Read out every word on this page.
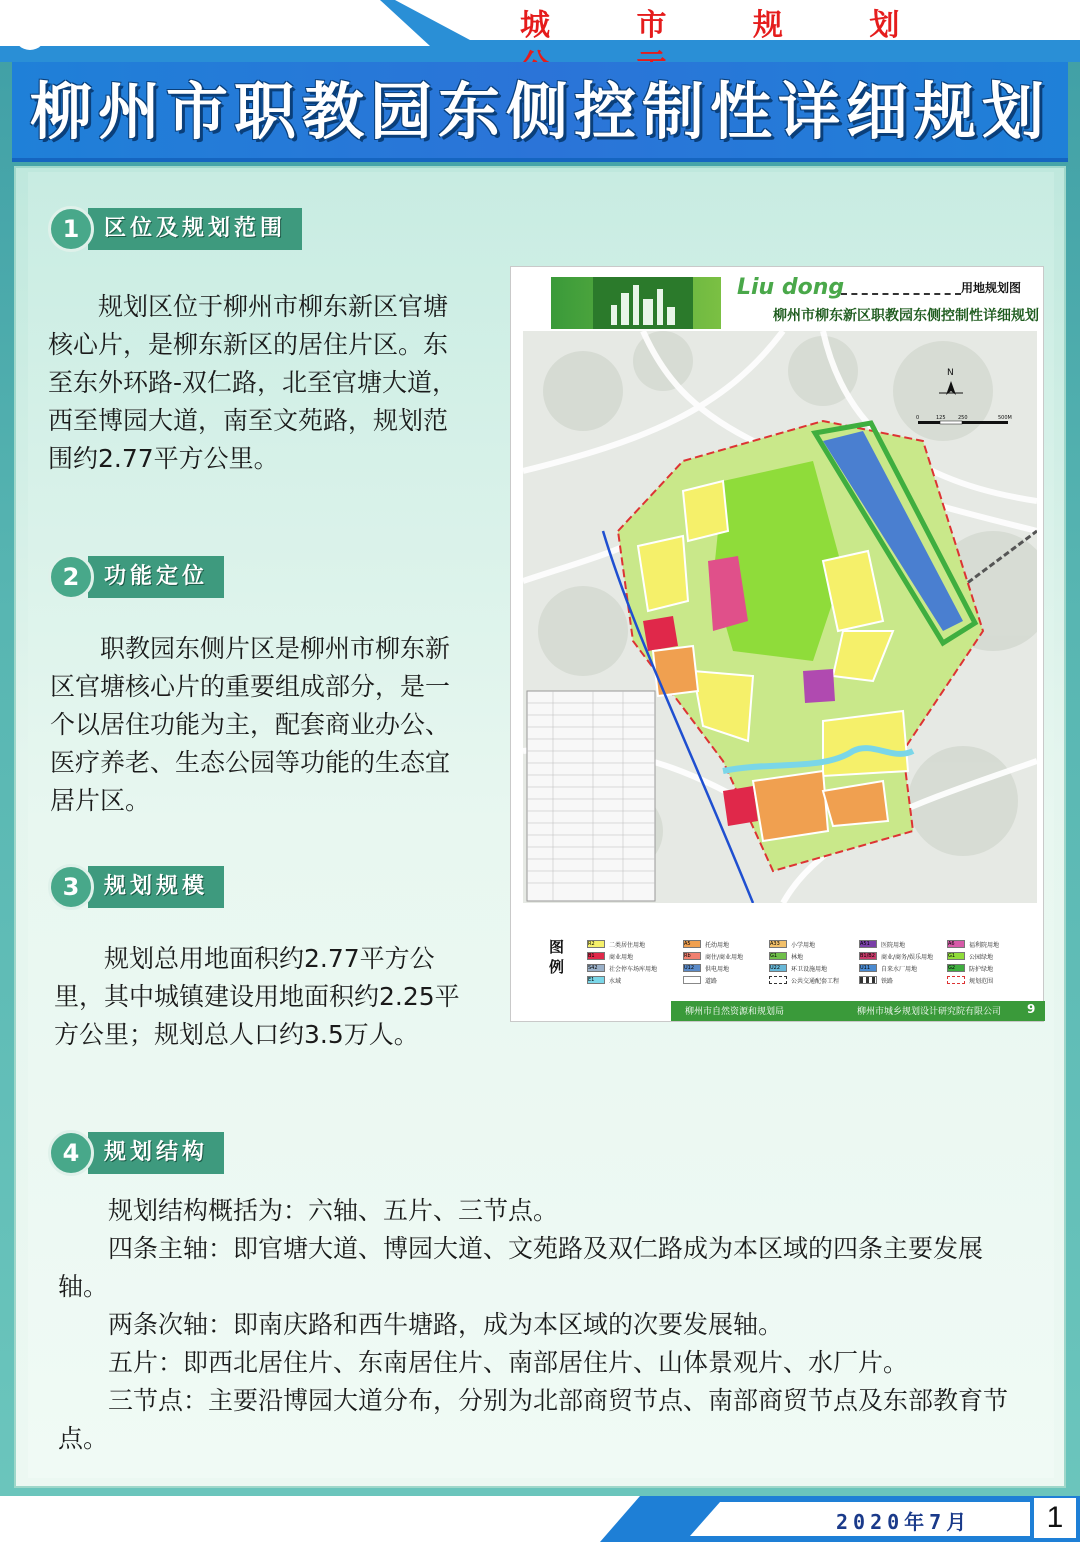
城 市 规 划
柳州市职教园东侧控制性详细规划
1	区位及规划范围

规划区位于柳州市柳东新区官塘核心片，是柳东新区的居住片区。东至东外环路-双仁路，北至官塘大道，西至博园大道，南至文苑路，规划范围约2.77平方公里。

2	功能定位

职教园东侧片区是柳州市柳东新区官塘核心片的重要组成部分，是一个以居住功能为主，配套商业办公、医疗养老、生态公园等功能的生态宜居片区。

3	规划规模

规划总用地面积约2.77平方公里，其中城镇建设用地面积约2.25平方公里；规划总人口约3.5万人。

4	规划结构

规划结构概括为：六轴、五片、三节点。

四条主轴：即官塘大道、博园大道、文苑路及双仁路成为本区域的四条主要发展轴。

两条次轴：即南庆路和西牛塘路，成为本区域的次要发展轴。

五片：即西北居住片、东南居住片、南部居住片、山体景观片、水厂片。

三节点：主要沿博园大道分布，分别为北部商贸节点、南部商贸节点及东部教育节点。

Liu dong	用地规划图
柳州市柳东新区职教园东侧控制性详细规划
N
0	125 250	500M
图例
R2	二类居住用地	A5	托幼用地	A33	小学用地	A51	医院用地	A6	福利院用地
B1	商业用地	Rb	商住/商业用地	G1	林地	B1/B2	商业/商务/娱乐用地	G1	公园绿地
S42	社会停车场库用地	U12	供电用地	U22	环卫设施用地	U11	自来水厂用地	G2	防护绿地
E1	水域	道路	公共交通配套工程	铁路	规划范围
柳州市自然资源和规划局	柳州市城乡规划设计研究院有限公司 9
2020年7月	1
